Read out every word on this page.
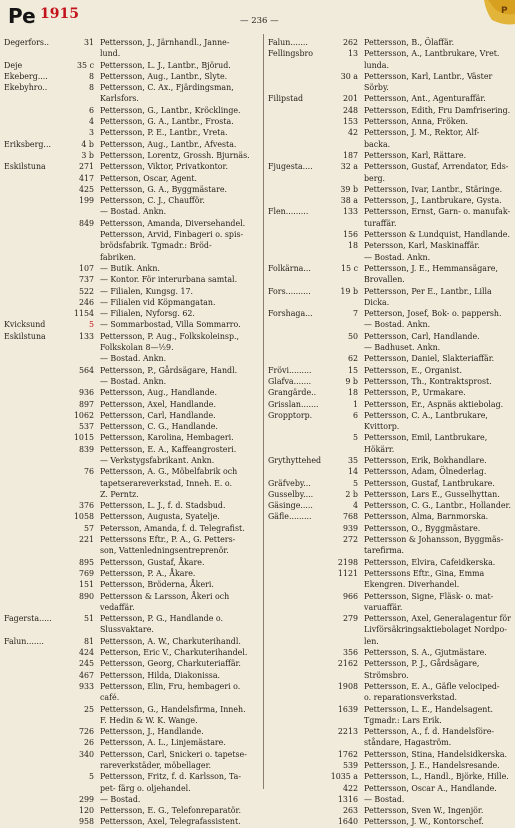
Pe 1915	— 236 —
P
Degerfors..	31 Pettersson, J., Järnhandl., Janne-
lund.
Deje	35 c Pettersson, L. J., Lantbr., Björud.
Ekeberg....	8 Pettersson, Aug., Lantbr., Slyte.
Ekebyhro..	8 Pettersson, C. Ax., Fjärdingsman,
Karlsfors.
6 Pettersson, G., Lantbr., Kröcklinge.
4 Pettersson, G. A., Lantbr., Frosta.
3 Pettersson, P. E., Lantbr., Vreta.
Eriksberg...	4 b Pettersson, Aug., Lantbr., Afvesta.
3 b Pettersson, Lorentz, Grossh. Bjurnäs.
Eskilstuna	271 Pettersson, Viktor, Privatkontor.
417 Petterson, Oscar, Agent.
425 Pettersson, G. A., Byggmästare.
199 Pettersson, C. J., Chaufför.
— Bostad. Ankn.
849 Pettersson, Amanda, Diversehandel.
Pettersson, Arvid, Finbageri o. spis-
brödsfabrik. Tgmadr.: Bröd-
fabriken.
107 — Butik. Ankn.
737 — Kontor. För interurbana samtal.
522 — Filialen, Kungsg. 17.
246 — Filialen vid Köpmangatan.
1154 — Filialen, Nyforsg. 62.
Kvicksund	5 — Sommarbostad, Villa Sommarro.
Eskilstuna	133 Pettersson, P. Aug., Folkskoleinsp.,
Folkskolan 8—½9.
— Bostad. Ankn.
564 Pettersson, P., Gårdsägare, Handl.
— Bostad. Ankn.
936 Pettersson, Aug., Handlande.
897 Pettersson, Axel, Handlande.
1062 Pettersson, Carl, Handlande.
537 Pettersson, C. G., Handlande.
1015 Pettersson, Karolina, Hembageri.
839 Pettersson, E. A., Kaffeangrosteri.
— Verkstygsfabrikant. Ankn.
76 Pettersson, A. G., Möbelfabrik och
tapetserareverkstad, Inneh. E. o.
Z. Perntz.
376 Pettersson, L. J., f. d. Stadsbud.
1058 Pettersson, Augusta, Syatelje.
57 Petersson, Amanda, f. d. Telegrafist.
221 Petterssons Eftr., P. A., G. Petters-
son, Vattenledningsentreprenör.
895 Pettersson, Gustaf, Åkare.
769 Pettersson, P. A., Åkare.
151 Pettersson, Bröderna, Åkeri.
890 Pettersson & Larsson, Åkeri och
vedaffär.
Fagersta.....	51 Pettersson, P. G., Handlande o.
Slussvaktare.
Falun.......	81 Pettersson, A. W., Charkuterihandl.
424 Petterson, Eric V., Charkuterihandel.
245 Pettersson, Georg, Charkuteriaffär.
467 Pettersson, Hilda, Diakonissa.
933 Pettersson, Elin, Fru, hembageri o.
café.
25 Pettersson, G., Handelsfirma, Inneh.
F. Hedin & W. K. Wange.
726 Pettersson, J., Handlande.
26 Pettersson, A. L., Linjemästare.
340 Pettersson, Carl, Snickeri o. tapetse-
rareverkstäder, möbellager.
5 Pettersson, Fritz, f. d. Karlsson, Ta-
pet- färg o. oljehandel.
299 — Bostad.
120 Pettersson, E. G., Telefonreparatör.
958 Pettersson, Axel, Telegrafassistent.
Falun.......	262 Pettersson, B., Ölaffär.
Fellingsbro	13 Pettersson, A., Lantbrukare, Vret.
lunda.
30 a Pettersson, Karl, Lantbr., Väster
Sörby.
Filipstad	201 Pettersson, Ant., Agenturaffär.
248 Pettersson, Edith, Fru Damfrisering.
153 Pettersson, Anna, Fröken.
42 Pettersson, J. M., Rektor, Alf-
backa.
187 Pettersson, Karl, Rättare.
Fjugesta....	32 a Pettersson, Gustaf, Arrendator, Eds-
berg.
39 b Pettersson, Ivar, Lantbr., Stäringe.
38 a Pettersson, J., Lantbrukare, Gysta.
Flen.........	133 Pettersson, Ernst, Garn- o. manufak-
turaffär.
156 Pettersson & Lundquist, Handlande.
18 Petersson, Karl, Maskinaffär.
— Bostad. Ankn.
Folkärna...	15 c Pettersson, J. E., Hemmansägare,
Brovallen.
Fors..........	19 b Pettersson, Per E., Lantbr., Lilla
Dicka.
Forshaga...	7 Petterson, Josef, Bok- o. pappersh.
— Bostad. Ankn.
50 Pettersson, Carl, Handlande.
— Badhuset. Ankn.
62 Pettersson, Daniel, Slakteriaffär.
Frövi.........	15 Pettersson, E., Organist.
Glafva.......	9 b Pettersson, Th., Kontraktsprost.
Grangärde..	18 Pettersson, P., Urmakare.
Grisslan.......	1 Pettersson, Er., Aspnäs aktiebolag.
Gropptorp.	6 Pettersson, C. A., Lantbrukare,
Kvittorp.
5 Pettersson, Emil, Lantbrukare,
Hökärr.
Grythyttehed	35 Pettersson, Erik, Bokhandlare.
14 Pettersson, Adam, Ölnederlag.
Gräfveby...	5 Pettersson, Gustaf, Lantbrukare.
Gusselby....	2 b Pettersson, Lars E., Gusselhyttan.
Gäsinge.....	4 Pettersson, C. G., Lantbr., Hollander.
Gäfle.........	768 Pettersson, Alma, Barnmorska.
939 Pettersson, O., Byggmästare.
272 Pettersson & Johansson, Byggmäs-
tarefirma.
2198 Pettersson, Elvira, Cafeidkerska.
1121 Petterssons Eftr., Gina, Emma
Ekengren. Diverhandel.
966 Pettersson, Signe, Fläsk- o. mat-
varuaffär.
279 Pettersson, Axel, Generalagentur för
Livförsäkringsaktiebolaget Nordpo-
len.
356 Pettersson, S. A., Gjutmästare.
2162 Pettersson, P. J., Gårdsägare,
Strömsbro.
1908 Pettersson, E. A., Gäfle velociped-
o. reparationsverkstad.
1639 Pettersson, L. E., Handelsagent.
Tgmadr.: Lars Erik.
2213 Pettersson, A., f. d. Handelsföre-
ståndare, Hagaström.
1762 Pettersson, Stina, Handelsidkerska.
539 Pettersson, J. E., Handelsresande.
1035 a Pettersson, L., Handl., Björke, Hille.
422 Pettersson, Oscar A., Handlande.
1316 — Bostad.
263 Pettersson, Sven W., Ingenjör.
1640 Pettersson, J. W., Kontorschef.
